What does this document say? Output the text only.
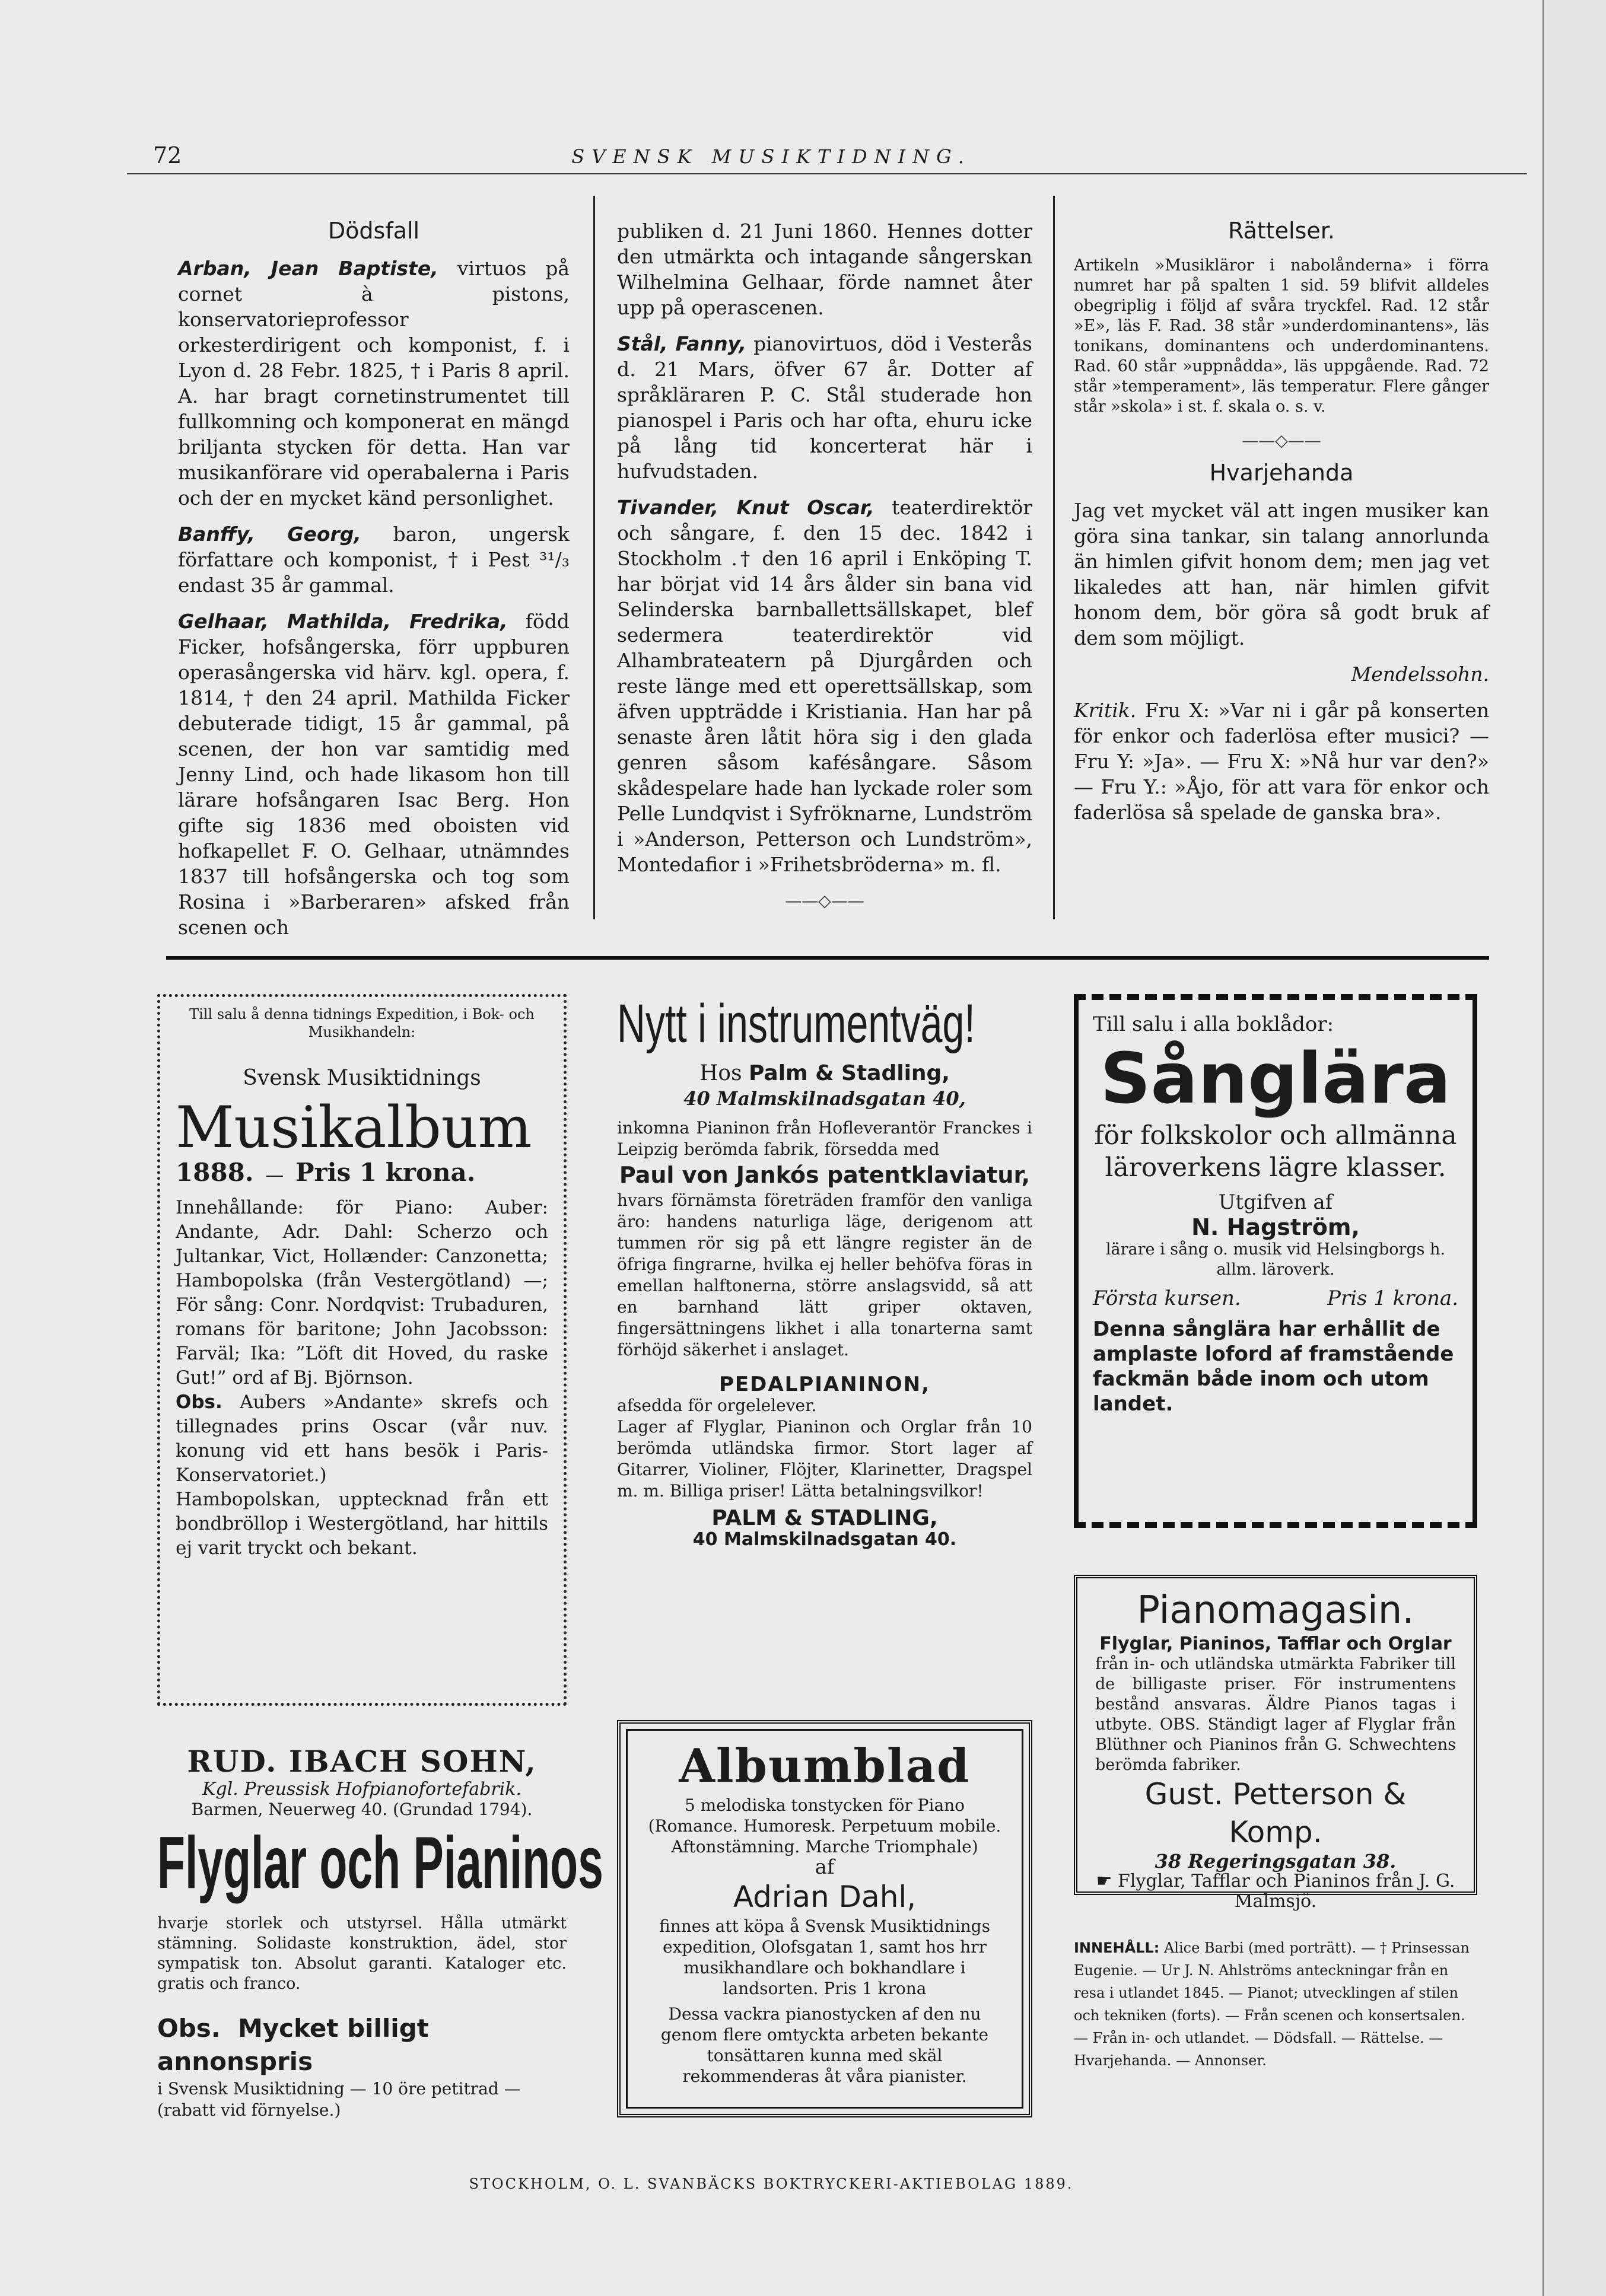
72	SVENSK MUSIKTIDNING.
Dödsfall

Arban, Jean Baptiste, virtuos på cornet à pistons, konservatorieprofessor orkesterdirigent och komponist, f. i Lyon d. 28 Febr. 1825, † i Paris 8 april. A. har bragt cornetinstrumentet till fullkomning och komponerat en mängd briljanta stycken för detta. Han var musikanförare vid operabalerna i Paris och der en mycket känd personlighet.

Banffy, Georg, baron, ungersk författare och komponist, † i Pest ³¹/₃ endast 35 år gammal.

Gelhaar, Mathilda, Fredrika, född Ficker, hofsångerska, förr uppburen operasångerska vid härv. kgl. opera, f. 1814, † den 24 april. Mathilda Ficker debuterade tidigt, 15 år gammal, på scenen, der hon var samtidig med Jenny Lind, och hade likasom hon till lärare hofsångaren Isac Berg. Hon gifte sig 1836 med oboisten vid hofkapellet F. O. Gelhaar, utnämndes 1837 till hofsångerska och tog som Rosina i »Barberaren» afsked från scenen och

publiken d. 21 Juni 1860. Hennes dotter den utmärkta och intagande sångerskan Wilhelmina Gelhaar, förde namnet åter upp på operascenen.

Stål, Fanny, pianovirtuos, död i Vesterås d. 21 Mars, öfver 67 år. Dotter af språkläraren P. C. Stål studerade hon pianospel i Paris och har ofta, ehuru icke på lång tid koncerterat här i hufvudstaden.

Tivander, Knut Oscar, teaterdirektör och sångare, f. den 15 dec. 1842 i Stockholm .† den 16 april i Enköping T. har börjat vid 14 års ålder sin bana vid Selinderska barnballettsällskapet, blef sedermera teaterdirektör vid Alhambrateatern på Djurgården och reste länge med ett operettsällskap, som äfven uppträdde i Kristiania. Han har på senaste åren låtit höra sig i den glada genren såsom kafésångare. Såsom skådespelare hade han lyckade roler som Pelle Lundqvist i Syfröknarne, Lundström i »Anderson, Petterson och Lundström», Montedafior i »Frihetsbröderna» m. fl.

——◇——
Rättelser.

Artikeln »Musikläror i nabolånderna» i förra numret har på spalten 1 sid. 59 blifvit alldeles obegriplig i följd af svåra tryckfel. Rad. 12 står »E», läs F. Rad. 38 står »underdominantens», läs tonikans, dominantens och underdominantens. Rad. 60 står »uppnådda», läs uppgående. Rad. 72 står »temperament», läs temperatur. Flere gånger står »skola» i st. f. skala o. s. v.

——◇——
Hvarjehanda

Jag vet mycket väl att ingen musiker kan göra sina tankar, sin talang annorlunda än himlen gifvit honom dem; men jag vet likaledes att han, när himlen gifvit honom dem, bör göra så godt bruk af dem som möjligt.

Mendelssohn.

Kritik. Fru X: »Var ni i går på konserten för enkor och faderlösa efter musici? — Fru Y: »Ja». — Fru X: »Nå hur var den?» — Fru Y.: »Åjo, för att vara för enkor och faderlösa så spelade de ganska bra».

Till salu å denna tidnings Expedition, i Bok- och Musikhandeln:
Svensk Musiktidnings
Musikalbum
1888.  —  Pris 1 krona.
Innehållande: för Piano: Auber: Andante, Adr. Dahl: Scherzo och Jultankar, Vict, Hollænder: Canzonetta; Hambopolska (från Vestergötland) —; För sång: Conr. Nordqvist: Trubaduren, romans för baritone; John Jacobsson: Farväl; Ika: ”Löft dit Hoved, du raske Gut!” ord af Bj. Björnson.
Obs. Aubers »Andante» skrefs och tillegnades prins Oscar (vår nuv. konung vid ett hans besök i Paris-Konservatoriet.)
Hambopolskan, upptecknad från ett bondbröllop i Westergötland, har hittils ej varit tryckt och bekant.
Nytt i instrumentväg!
Hos Palm & Stadling,
40 Malmskilnadsgatan 40,
inkomna Pianinon från Hofleverantör Franckes i Leipzig berömda fabrik, försedda med
Paul von Jankós patentklaviatur,
hvars förnämsta företräden framför den vanliga äro: handens naturliga läge, derigenom att tummen rör sig på ett längre register än de öfriga fingrarne, hvilka ej heller behöfva föras in emellan halftonerna, större anslagsvidd, så att en barnhand lätt griper oktaven, fingersättningens likhet i alla tonarterna samt förhöjd säkerhet i anslaget.
PEDALPIANINON,
afsedda för orgelelever.
Lager af Flyglar, Pianinon och Orglar från 10 berömda utländska firmor. Stort lager af Gitarrer, Violiner, Flöjter, Klarinetter, Dragspel m. m. Billiga priser! Lätta betalningsvilkor!
PALM & STADLING,
40 Malmskilnadsgatan 40.
Till salu i alla boklådor:
Sånglära
för folkskolor och allmänna läroverkens lägre klasser.
Utgifven af
N. Hagström,
lärare i sång o. musik vid Helsingborgs h. allm. läroverk.
Första kursen.	Pris 1 krona.
Denna sånglära har erhållit de amplaste loford af framstående fackmän både inom och utom landet.
RUD. IBACH SOHN,
Kgl. Preussisk Hofpianofortefabrik.
Barmen, Neuerweg 40. (Grundad 1794).
Flyglar och Pianinos
hvarje storlek och utstyrsel. Hålla utmärkt stämning. Solidaste konstruktion, ädel, stor sympatisk ton. Absolut garanti. Kataloger etc. gratis och franco.
Obs. Mycket billigt annonspris
i Svensk Musiktidning — 10 öre petitrad — (rabatt vid förnyelse.)
Albumblad
5 melodiska tonstycken för Piano (Romance. Humoresk. Perpetuum mobile. Aftonstämning. Marche Triomphale)
af
Adrian Dahl,
finnes att köpa å Svensk Musiktidnings expedition, Olofsgatan 1, samt hos hrr musikhandlare och bokhandlare i landsorten. Pris 1 krona
Dessa vackra pianostycken af den nu genom flere omtyckta arbeten bekante tonsättaren kunna med skäl rekommenderas åt våra pianister.
Pianomagasin.
Flyglar, Pianinos, Tafflar och Orglar
från in- och utländska utmärkta Fabriker till de billigaste priser. För instrumentens bestånd ansvaras. Äldre Pianos tagas i utbyte. OBS. Ständigt lager af Flyglar från Blüthner och Pianinos från G. Schwechtens berömda fabriker.
Gust. Petterson & Komp.
38 Regeringsgatan 38.
☛ Flyglar, Tafflar och Pianinos från J. G. Malmsjö.
INNEHÅLL: Alice Barbi (med porträtt). — † Prinsessan Eugenie. — Ur J. N. Ahlströms anteckningar från en resa i utlandet 1845. — Pianot; utvecklingen af stilen och tekniken (forts). — Från scenen och konsertsalen. — Från in- och utlandet. — Dödsfall. — Rättelse. — Hvarjehanda. — Annonser.
STOCKHOLM, O. L. SVANBÄCKS BOKTRYCKERI-AKTIEBOLAG 1889.
